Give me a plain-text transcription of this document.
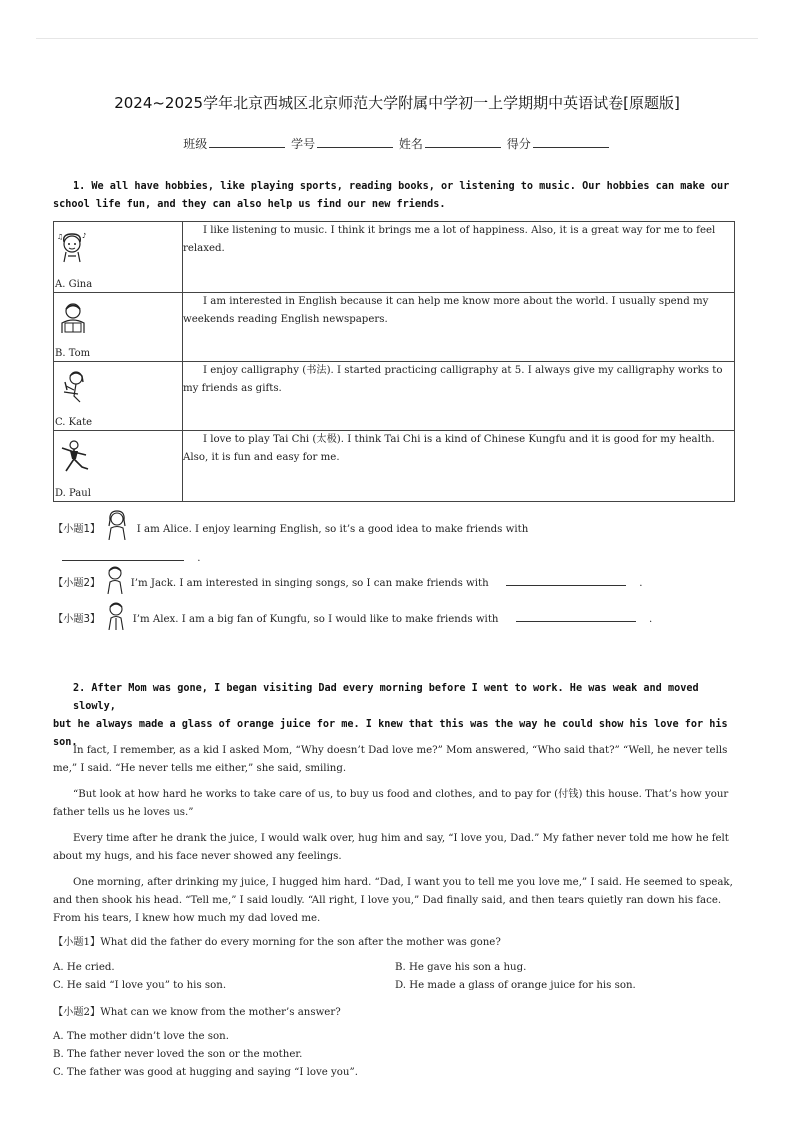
2024~2025学年北京西城区北京师范大学附属中学初一上学期期中英语试卷[原题版]
班级	学号	姓名	得分
1. We all have hobbies, like playing sports, reading books, or listening to music. Our hobbies can make our
school life fun, and they can also help us find our new friends.
♪
♫
A. Gina	I like listening to music. I think it brings me a lot of happiness. Also, it is a great way for me to feel relaxed.

B. Tom	I am interested in English because it can help me know more about the world. I usually spend my weekends reading English newspapers.

C. Kate	I enjoy calligraphy (书法). I started practicing calligraphy at 5. I always give my calligraphy works to my friends as gifts.

D. Paul	I love to play Tai Chi (太极). I think Tai Chi is a kind of Chinese Kungfu and it is good for my health. Also, it is fun and easy for me.
【小题1】	I am Alice. I enjoy learning English, so it’s a good idea to make friends with
.
【小题2】	I’m Jack. I am interested in singing songs, so I can make friends with	.
【小题3】	I’m Alex. I am a big fan of Kungfu, so I would like to make friends with	.
2. After Mom was gone, I began visiting Dad every morning before I went to work. He was weak and moved slowly,
but he always made a glass of orange juice for me. I knew that this was the way he could show his love for his
son.
In fact, I remember, as a kid I asked Mom, “Why doesn’t Dad love me?” Mom answered, “Who said that?” “Well, he never tells me,” I said. “He never tells me either,” she said, smiling.
“But look at how hard he works to take care of us, to buy us food and clothes, and to pay for (付钱) this house. That’s how your father tells us he loves us.”
Every time after he drank the juice, I would walk over, hug him and say, “I love you, Dad.” My father never told me how he felt about my hugs, and his face never showed any feelings.
One morning, after drinking my juice, I hugged him hard. “Dad, I want you to tell me you love me,” I said. He seemed to speak, and then shook his head. “Tell me,” I said loudly. “All right, I love you,” Dad finally said, and then tears quietly ran down his face. From his tears, I knew how much my dad loved me.
【小题1】What did the father do every morning for the son after the mother was gone?
A. He cried.	B. He gave his son a hug.
C. He said “I love you” to his son.	D. He made a glass of orange juice for his son.
【小题2】What can we know from the mother’s answer?
A. The mother didn’t love the son.
B. The father never loved the son or the mother.
C. The father was good at hugging and saying “I love you”.
